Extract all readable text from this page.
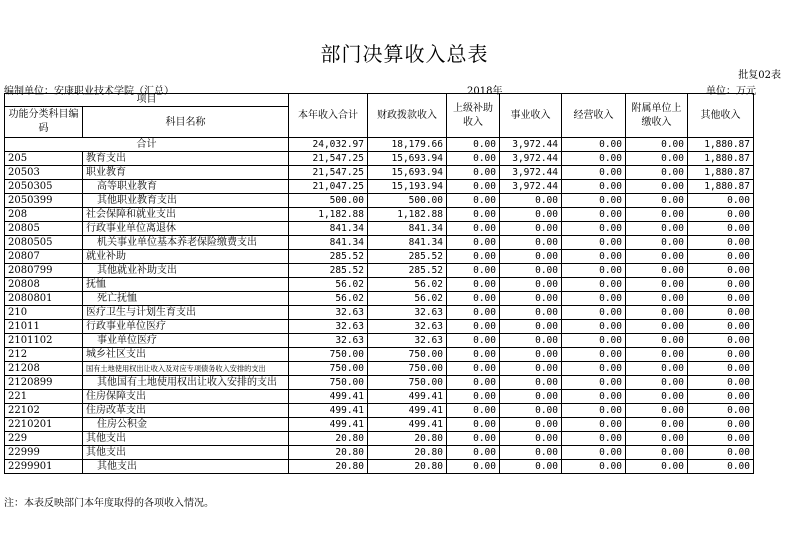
部门决算收入总表
批复02表
编制单位：安康职业技术学院（汇总）	2018年	单位：万元
项目		本年收入合计	财政拨款收入	上级补助收入	事业收入	经营收入	附属单位上缴收入	其他收入
功能分类科目编码	科目名称							
合计		24,032.97	18,179.66	0.00	3,972.44	0.00	0.00	1,880.87
205	教育支出	21,547.25	15,693.94	0.00	3,972.44	0.00	0.00	1,880.87
20503	职业教育	21,547.25	15,693.94	0.00	3,972.44	0.00	0.00	1,880.87
2050305	高等职业教育	21,047.25	15,193.94	0.00	3,972.44	0.00	0.00	1,880.87
2050399	其他职业教育支出	500.00	500.00	0.00	0.00	0.00	0.00	0.00
208	社会保障和就业支出	1,182.88	1,182.88	0.00	0.00	0.00	0.00	0.00
20805	行政事业单位离退休	841.34	841.34	0.00	0.00	0.00	0.00	0.00
2080505	机关事业单位基本养老保险缴费支出	841.34	841.34	0.00	0.00	0.00	0.00	0.00
20807	就业补助	285.52	285.52	0.00	0.00	0.00	0.00	0.00
2080799	其他就业补助支出	285.52	285.52	0.00	0.00	0.00	0.00	0.00
20808	抚恤	56.02	56.02	0.00	0.00	0.00	0.00	0.00
2080801	死亡抚恤	56.02	56.02	0.00	0.00	0.00	0.00	0.00
210	医疗卫生与计划生育支出	32.63	32.63	0.00	0.00	0.00	0.00	0.00
21011	行政事业单位医疗	32.63	32.63	0.00	0.00	0.00	0.00	0.00
2101102	事业单位医疗	32.63	32.63	0.00	0.00	0.00	0.00	0.00
212	城乡社区支出	750.00	750.00	0.00	0.00	0.00	0.00	0.00
21208	国有土地使用权出让收入及对应专项债务收入安排的支出	750.00	750.00	0.00	0.00	0.00	0.00	0.00
2120899	其他国有土地使用权出让收入安排的支出	750.00	750.00	0.00	0.00	0.00	0.00	0.00
221	住房保障支出	499.41	499.41	0.00	0.00	0.00	0.00	0.00
22102	住房改革支出	499.41	499.41	0.00	0.00	0.00	0.00	0.00
2210201	住房公积金	499.41	499.41	0.00	0.00	0.00	0.00	0.00
229	其他支出	20.80	20.80	0.00	0.00	0.00	0.00	0.00
22999	其他支出	20.80	20.80	0.00	0.00	0.00	0.00	0.00
2299901	其他支出	20.80	20.80	0.00	0.00	0.00	0.00	0.00
注：本表反映部门本年度取得的各项收入情况。
